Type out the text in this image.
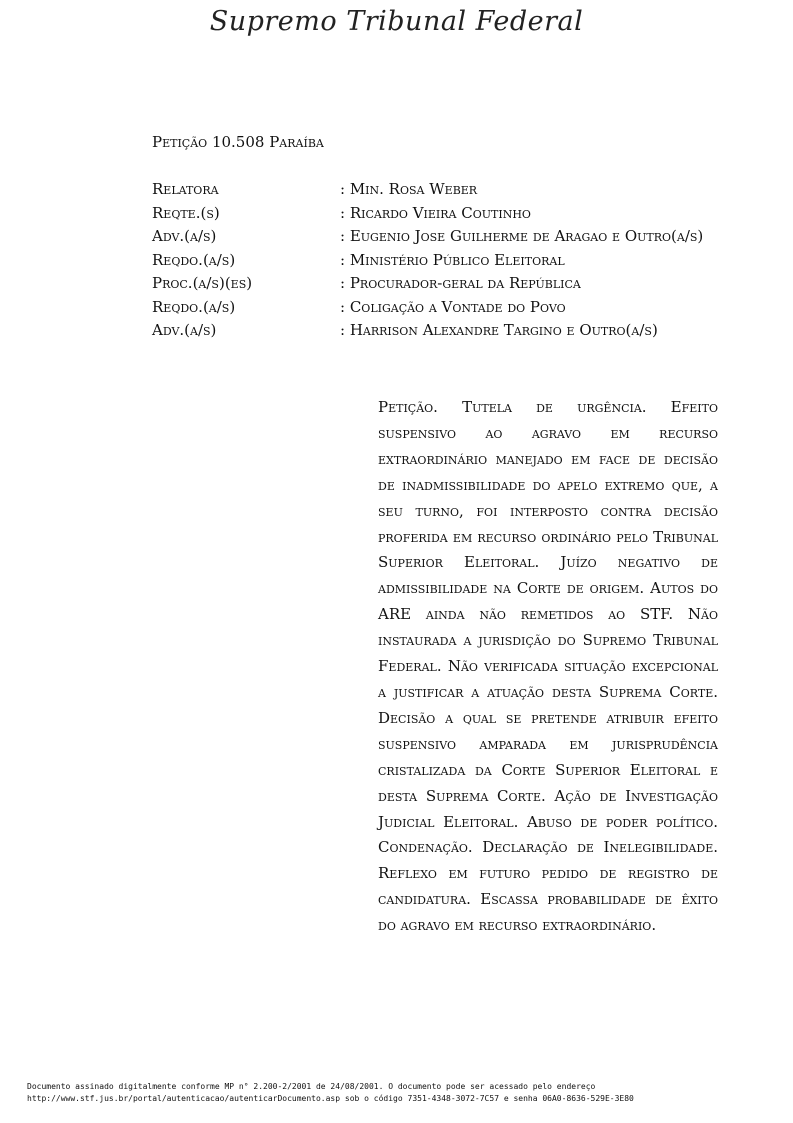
Supremo Tribunal Federal
Petição 10.508 Paraíba
Relatora	: Min. Rosa Weber
Reqte.(s)	: Ricardo Vieira Coutinho
Adv.(a/s)	: Eugenio Jose Guilherme de Aragao e Outro(a/s)
Reqdo.(a/s)	: Ministério Público Eleitoral
Proc.(a/s)(es)	: Procurador-geral da República
Reqdo.(a/s)	: Coligação a Vontade do Povo
Adv.(a/s)	: Harrison Alexandre Targino e Outro(a/s)
Petição. Tutela de urgência. Efeito suspensivo ao agravo em recurso extraordinário manejado em face de decisão de inadmissibilidade do apelo extremo que, a seu turno, foi interposto contra decisão proferida em recurso ordinário pelo Tribunal Superior Eleitoral. Juízo negativo de admissibilidade na Corte de origem. Autos do ARE ainda não remetidos ao STF. Não instaurada a jurisdição do Supremo Tribunal Federal. Não verificada situação excepcional a justificar a atuação desta Suprema Corte. Decisão a qual se pretende atribuir efeito suspensivo amparada em jurisprudência cristalizada da Corte Superior Eleitoral e desta Suprema Corte. Ação de Investigação Judicial Eleitoral. Abuso de poder político. Condenação. Declaração de Inelegibilidade. Reflexo em futuro pedido de registro de candidatura. Escassa probabilidade de êxito do agravo em recurso extraordinário.
Documento assinado digitalmente conforme MP n° 2.200-2/2001 de 24/08/2001. O documento pode ser acessado pelo endereço
http://www.stf.jus.br/portal/autenticacao/autenticarDocumento.asp sob o código 7351-4348-3072-7C57 e senha 06A0-8636-529E-3E80
